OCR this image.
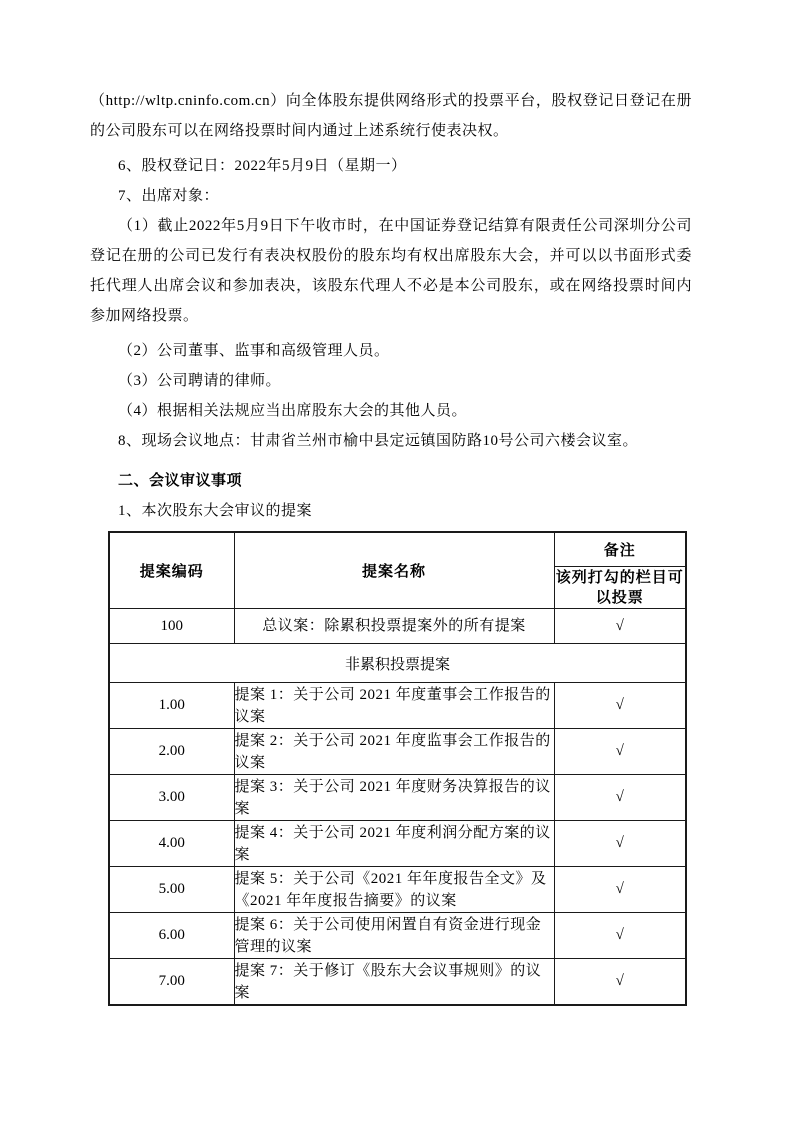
（http://wltp.cninfo.com.cn）向全体股东提供网络形式的投票平台，股权登记日登记在册的公司股东可以在网络投票时间内通过上述系统行使表决权。

6、股权登记日：2022年5月9日（星期一）

7、出席对象：

（1）截止2022年5月9日下午收市时，在中国证券登记结算有限责任公司深圳分公司登记在册的公司已发行有表决权股份的股东均有权出席股东大会，并可以以书面形式委托代理人出席会议和参加表决，该股东代理人不必是本公司股东，或在网络投票时间内参加网络投票。

（2）公司董事、监事和高级管理人员。

（3）公司聘请的律师。

（4）根据相关法规应当出席股东大会的其他人员。

8、现场会议地点：甘肃省兰州市榆中县定远镇国防路10号公司六楼会议室。

二、会议审议事项

1、本次股东大会审议的提案

提案编码	提案名称	备注
		该列打勾的栏目可以投票
100	总议案：除累积投票提案外的所有提案	√
非累积投票提案		
1.00	提案 1：关于公司 2021 年度董事会工作报告的议案	√
2.00	提案 2：关于公司 2021 年度监事会工作报告的议案	√
3.00	提案 3：关于公司 2021 年度财务决算报告的议案	√
4.00	提案 4：关于公司 2021 年度利润分配方案的议案	√
5.00	提案 5：关于公司《2021 年年度报告全文》及《2021 年年度报告摘要》的议案	√
6.00	提案 6：关于公司使用闲置自有资金进行现金管理的议案	√
7.00	提案 7：关于修订《股东大会议事规则》的议案	√
